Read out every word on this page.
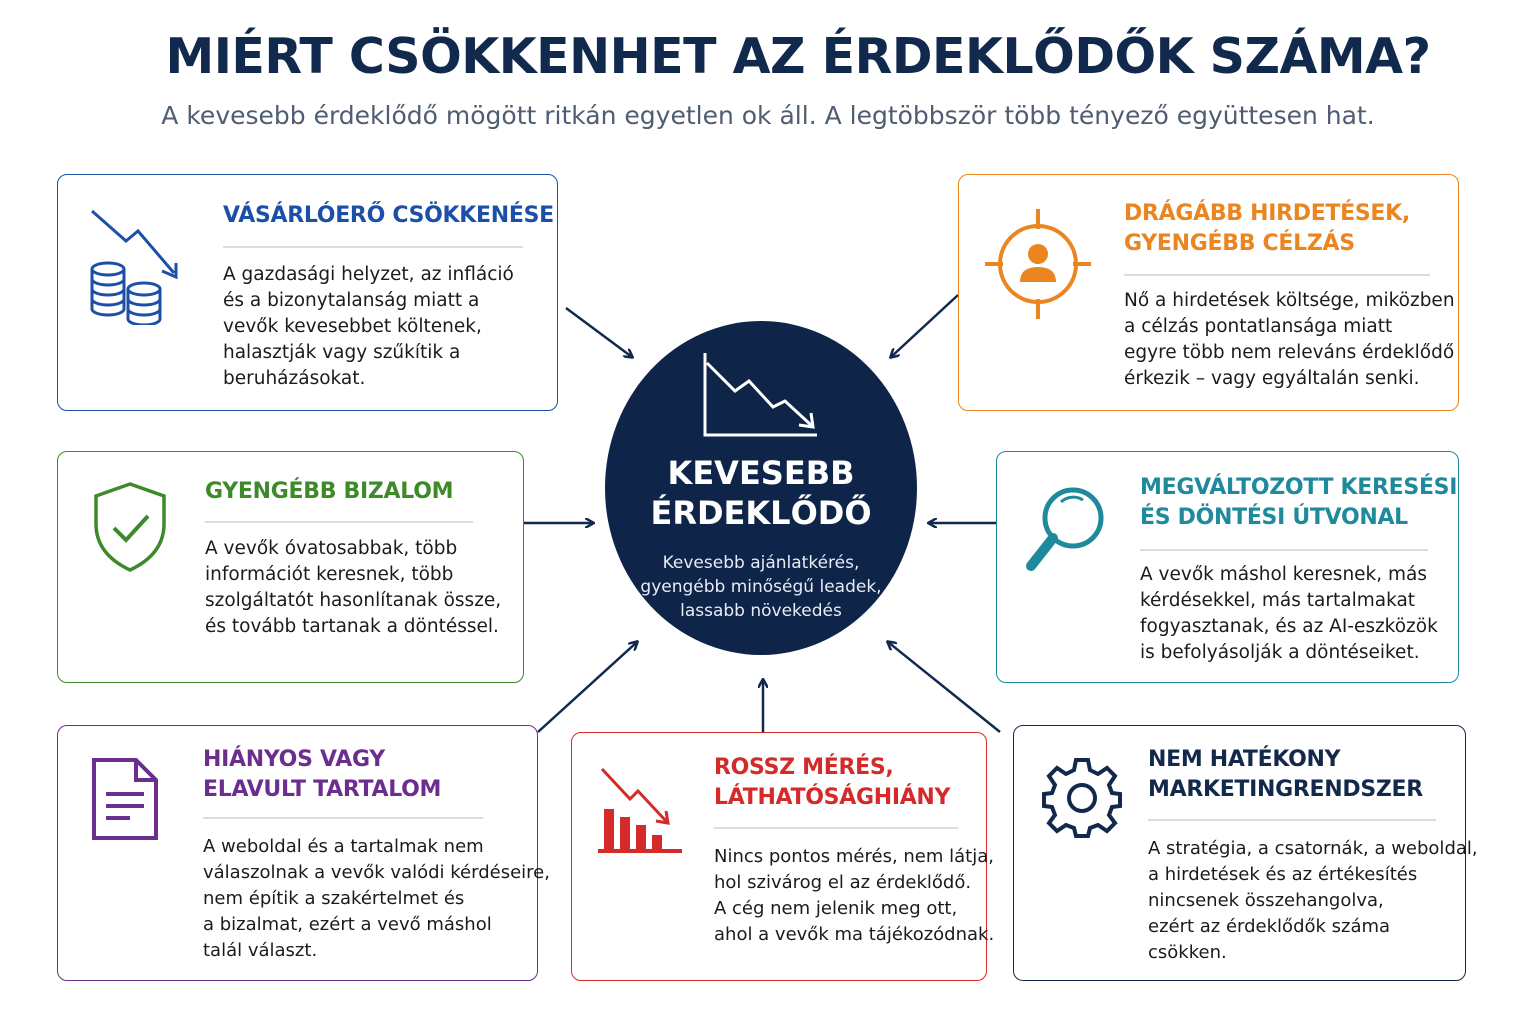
MIÉRT CSÖKKENHET AZ ÉRDEKLŐDŐK SZÁMA?
A kevesebb érdeklődő mögött ritkán egyetlen ok áll. A legtöbbször több tényező együttesen hat.
KEVESEBB
ÉRDEKLŐDŐ
Kevesebb ajánlatkérés,
gyengébb minőségű leadek,
lassabb növekedés
VÁSÁRLÓERŐ CSÖKKENÉSE
A gazdasági helyzet, az infláció
és a bizonytalanság miatt a
vevők kevesebbet költenek,
halasztják vagy szűkítik a
beruházásokat.
DRÁGÁBB HIRDETÉSEK,
GYENGÉBB CÉLZÁS
Nő a hirdetések költsége, miközben
a célzás pontatlansága miatt
egyre több nem releváns érdeklődő
érkezik – vagy egyáltalán senki.
GYENGÉBB BIZALOM
A vevők óvatosabbak, több
információt keresnek, több
szolgáltatót hasonlítanak össze,
és tovább tartanak a döntéssel.
MEGVÁLTOZOTT KERESÉSI
ÉS DÖNTÉSI ÚTVONAL
A vevők máshol keresnek, más
kérdésekkel, más tartalmakat
fogyasztanak, és az AI-eszközök
is befolyásolják a döntéseiket.
HIÁNYOS VAGY
ELAVULT TARTALOM
A weboldal és a tartalmak nem
válaszolnak a vevők valódi kérdéseire,
nem építik a szakértelmet és
a bizalmat, ezért a vevő máshol
talál választ.
ROSSZ MÉRÉS,
LÁTHATÓSÁGHIÁNY
Nincs pontos mérés, nem látja,
hol szivárog el az érdeklődő.
A cég nem jelenik meg ott,
ahol a vevők ma tájékozódnak.
NEM HATÉKONY
MARKETINGRENDSZER
A stratégia, a csatornák, a weboldal,
a hirdetések és az értékesítés
nincsenek összehangolva,
ezért az érdeklődők száma
csökken.
